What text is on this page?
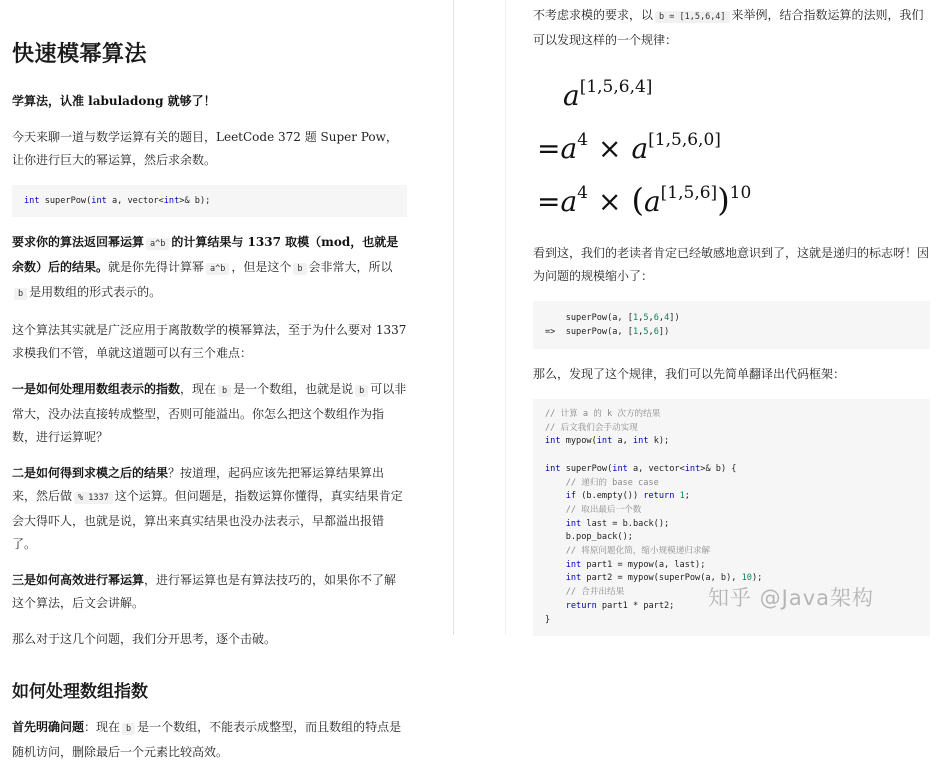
快速模幂算法

学算法，认准 labuladong 就够了！

今天来聊一道与数学运算有关的题目，LeetCode 372 题 Super Pow，让你进行巨大的幂运算，然后求余数。

int superPow(int a, vector<int>& b);

要求你的算法返回幂运算 a^b 的计算结果与 1337 取模（mod，也就是余数）后的结果。就是你先得计算幂 a^b ，但是这个 b 会非常大，所以b 是用数组的形式表示的。

这个算法其实就是广泛应用于离散数学的模幂算法，至于为什么要对 1337 求模我们不管，单就这道题可以有三个难点：

一是如何处理用数组表示的指数，现在 b 是一个数组，也就是说 b 可以非常大，没办法直接转成整型，否则可能溢出。你怎么把这个数组作为指数，进行运算呢？

二是如何得到求模之后的结果？按道理，起码应该先把幂运算结果算出来，然后做 % 1337 这个运算。但问题是，指数运算你懂得，真实结果肯定会大得吓人，也就是说，算出来真实结果也没办法表示，早都溢出报错了。

三是如何高效进行幂运算，进行幂运算也是有算法技巧的，如果你不了解这个算法，后文会讲解。

那么对于这几个问题，我们分开思考，逐个击破。

如何处理数组指数

首先明确问题：现在 b 是一个数组，不能表示成整型，而且数组的特点是随机访问，删除最后一个元素比较高效。

不考虑求模的要求，以 b = [1,5,6,4] 来举例，结合指数运算的法则，我们可以发现这样的一个规律：

a[1,5,6,4]
$=a^4 \times a[1,5,6,0]$
$=a^4 \times (a[1,5,6])^{10}$

看到这，我们的老读者肯定已经敏感地意识到了，这就是递归的标志呀！因为问题的规模缩小了：

superPow(a, [1,5,6,4])
=>  superPow(a, [1,5,6])

那么，发现了这个规律，我们可以先简单翻译出代码框架：

// 计算 a 的 k 次方的结果
// 后文我们会手动实现
int mypow(int a, int k);

int superPow(int a, vector<int>& b) {
// 递归的 base case
if (b.empty()) return 1;
// 取出最后一个数
int last = b.back();
b.pop_back();
// 将原问题化简，缩小规模递归求解
int part1 = mypow(a, last);
int part2 = mypow(superPow(a, b), 10);
// 合并出结果
return part1 * part2;
}
知乎 @Java架构
